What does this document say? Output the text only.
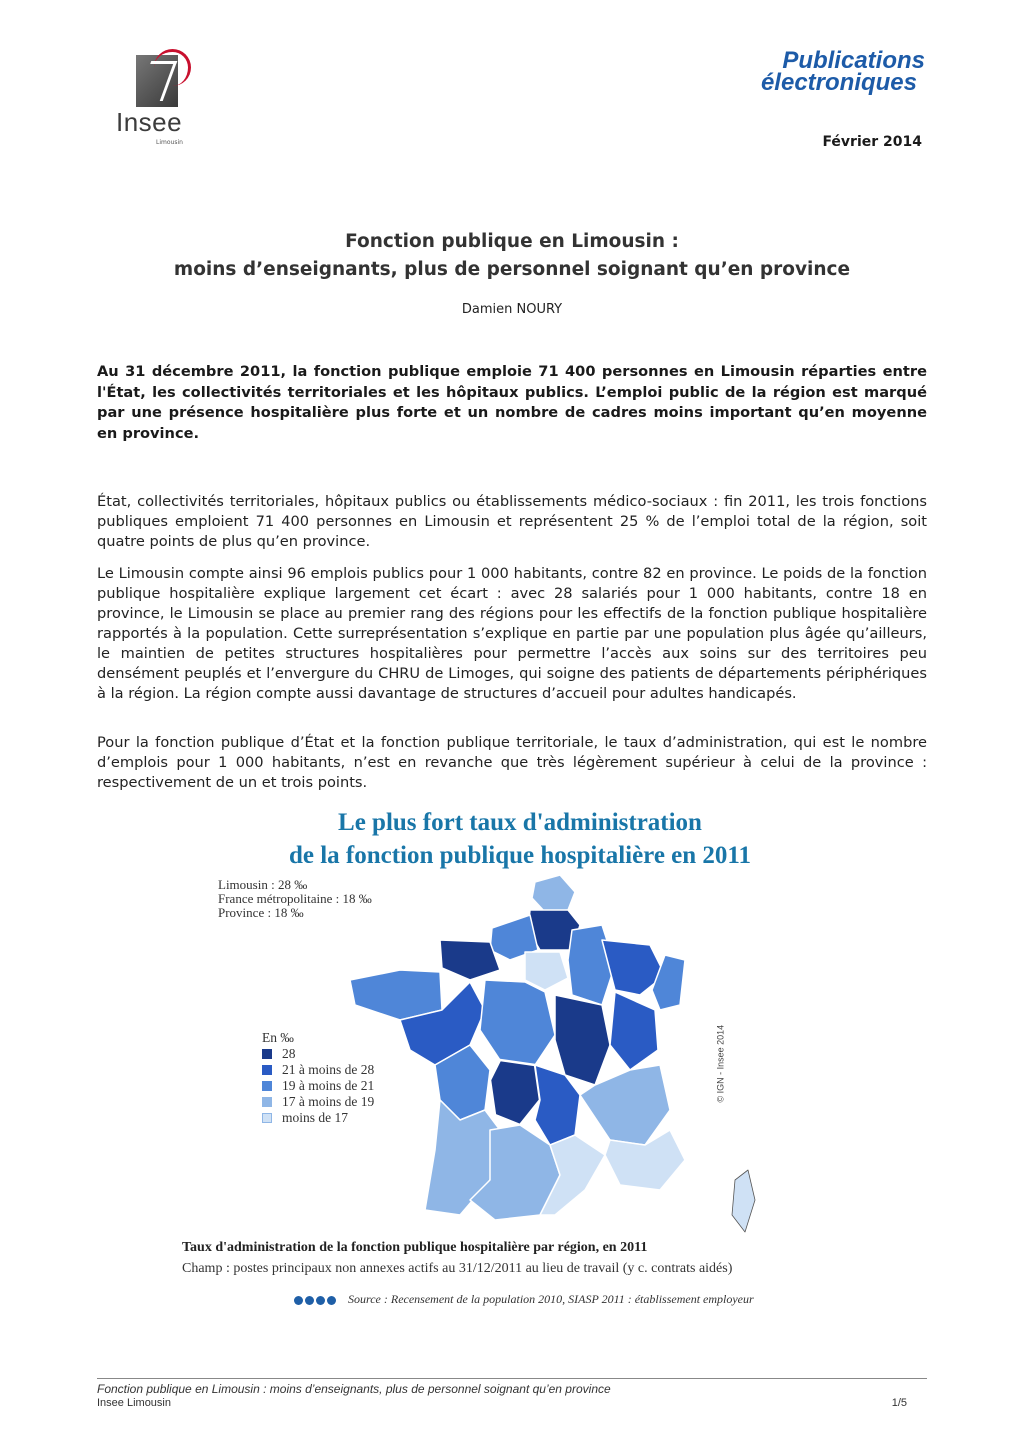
Insee
Limousin
Publications
électroniques
Février 2014
Fonction publique en Limousin :
moins d’enseignants, plus de personnel soignant qu’en province
Damien NOURY
Au 31 décembre 2011, la fonction publique emploie 71 400 personnes en Limousin réparties entre l'État, les collectivités territoriales et les hôpitaux publics. L’emploi public de la région est marqué par une présence hospitalière plus forte et un nombre de cadres moins important qu’en moyenne en province.
État, collectivités territoriales, hôpitaux publics ou établissements médico-sociaux : fin 2011, les trois fonctions publiques emploient 71 400 personnes en Limousin et représentent 25 % de l’emploi total de la région, soit quatre points de plus qu’en province.
Le Limousin compte ainsi 96 emplois publics pour 1 000 habitants, contre 82 en province. Le poids de la fonction publique hospitalière explique largement cet écart : avec 28 salariés pour 1 000 habitants, contre 18 en province, le Limousin se place au premier rang des régions pour les effectifs de la fonction publique hospitalière rapportés à la population. Cette surreprésentation s’explique en partie par une population plus âgée qu’ailleurs, le maintien de petites structures hospitalières pour permettre l’accès aux soins sur des territoires peu densément peuplés et l’envergure du CHRU de Limoges, qui soigne des patients de départements périphériques à la région. La région compte aussi davantage de structures d’accueil pour adultes handicapés.
Pour la fonction publique d’État et la fonction publique territoriale, le taux d’administration, qui est le nombre d’emplois pour 1 000 habitants, n’est en revanche que très légèrement supérieur à celui de la province : respectivement de un et trois points.
Le plus fort taux d'administration
de la fonction publique hospitalière en 2011
Limousin : 28 ‰
France métropolitaine : 18 ‰
Province : 18 ‰
En ‰
28
21 à moins de 28
19 à moins de 21
17 à moins de 19
moins de 17
© IGN - Insee 2014
Taux d'administration de la fonction publique hospitalière par région, en 2011
Champ : postes principaux non annexes actifs au 31/12/2011 au lieu de travail (y c. contrats aidés)
Source : Recensement de la population 2010, SIASP 2011 : établissement employeur
Fonction publique en Limousin : moins d’enseignants, plus de personnel soignant qu’en province
Insee Limousin	1/5
